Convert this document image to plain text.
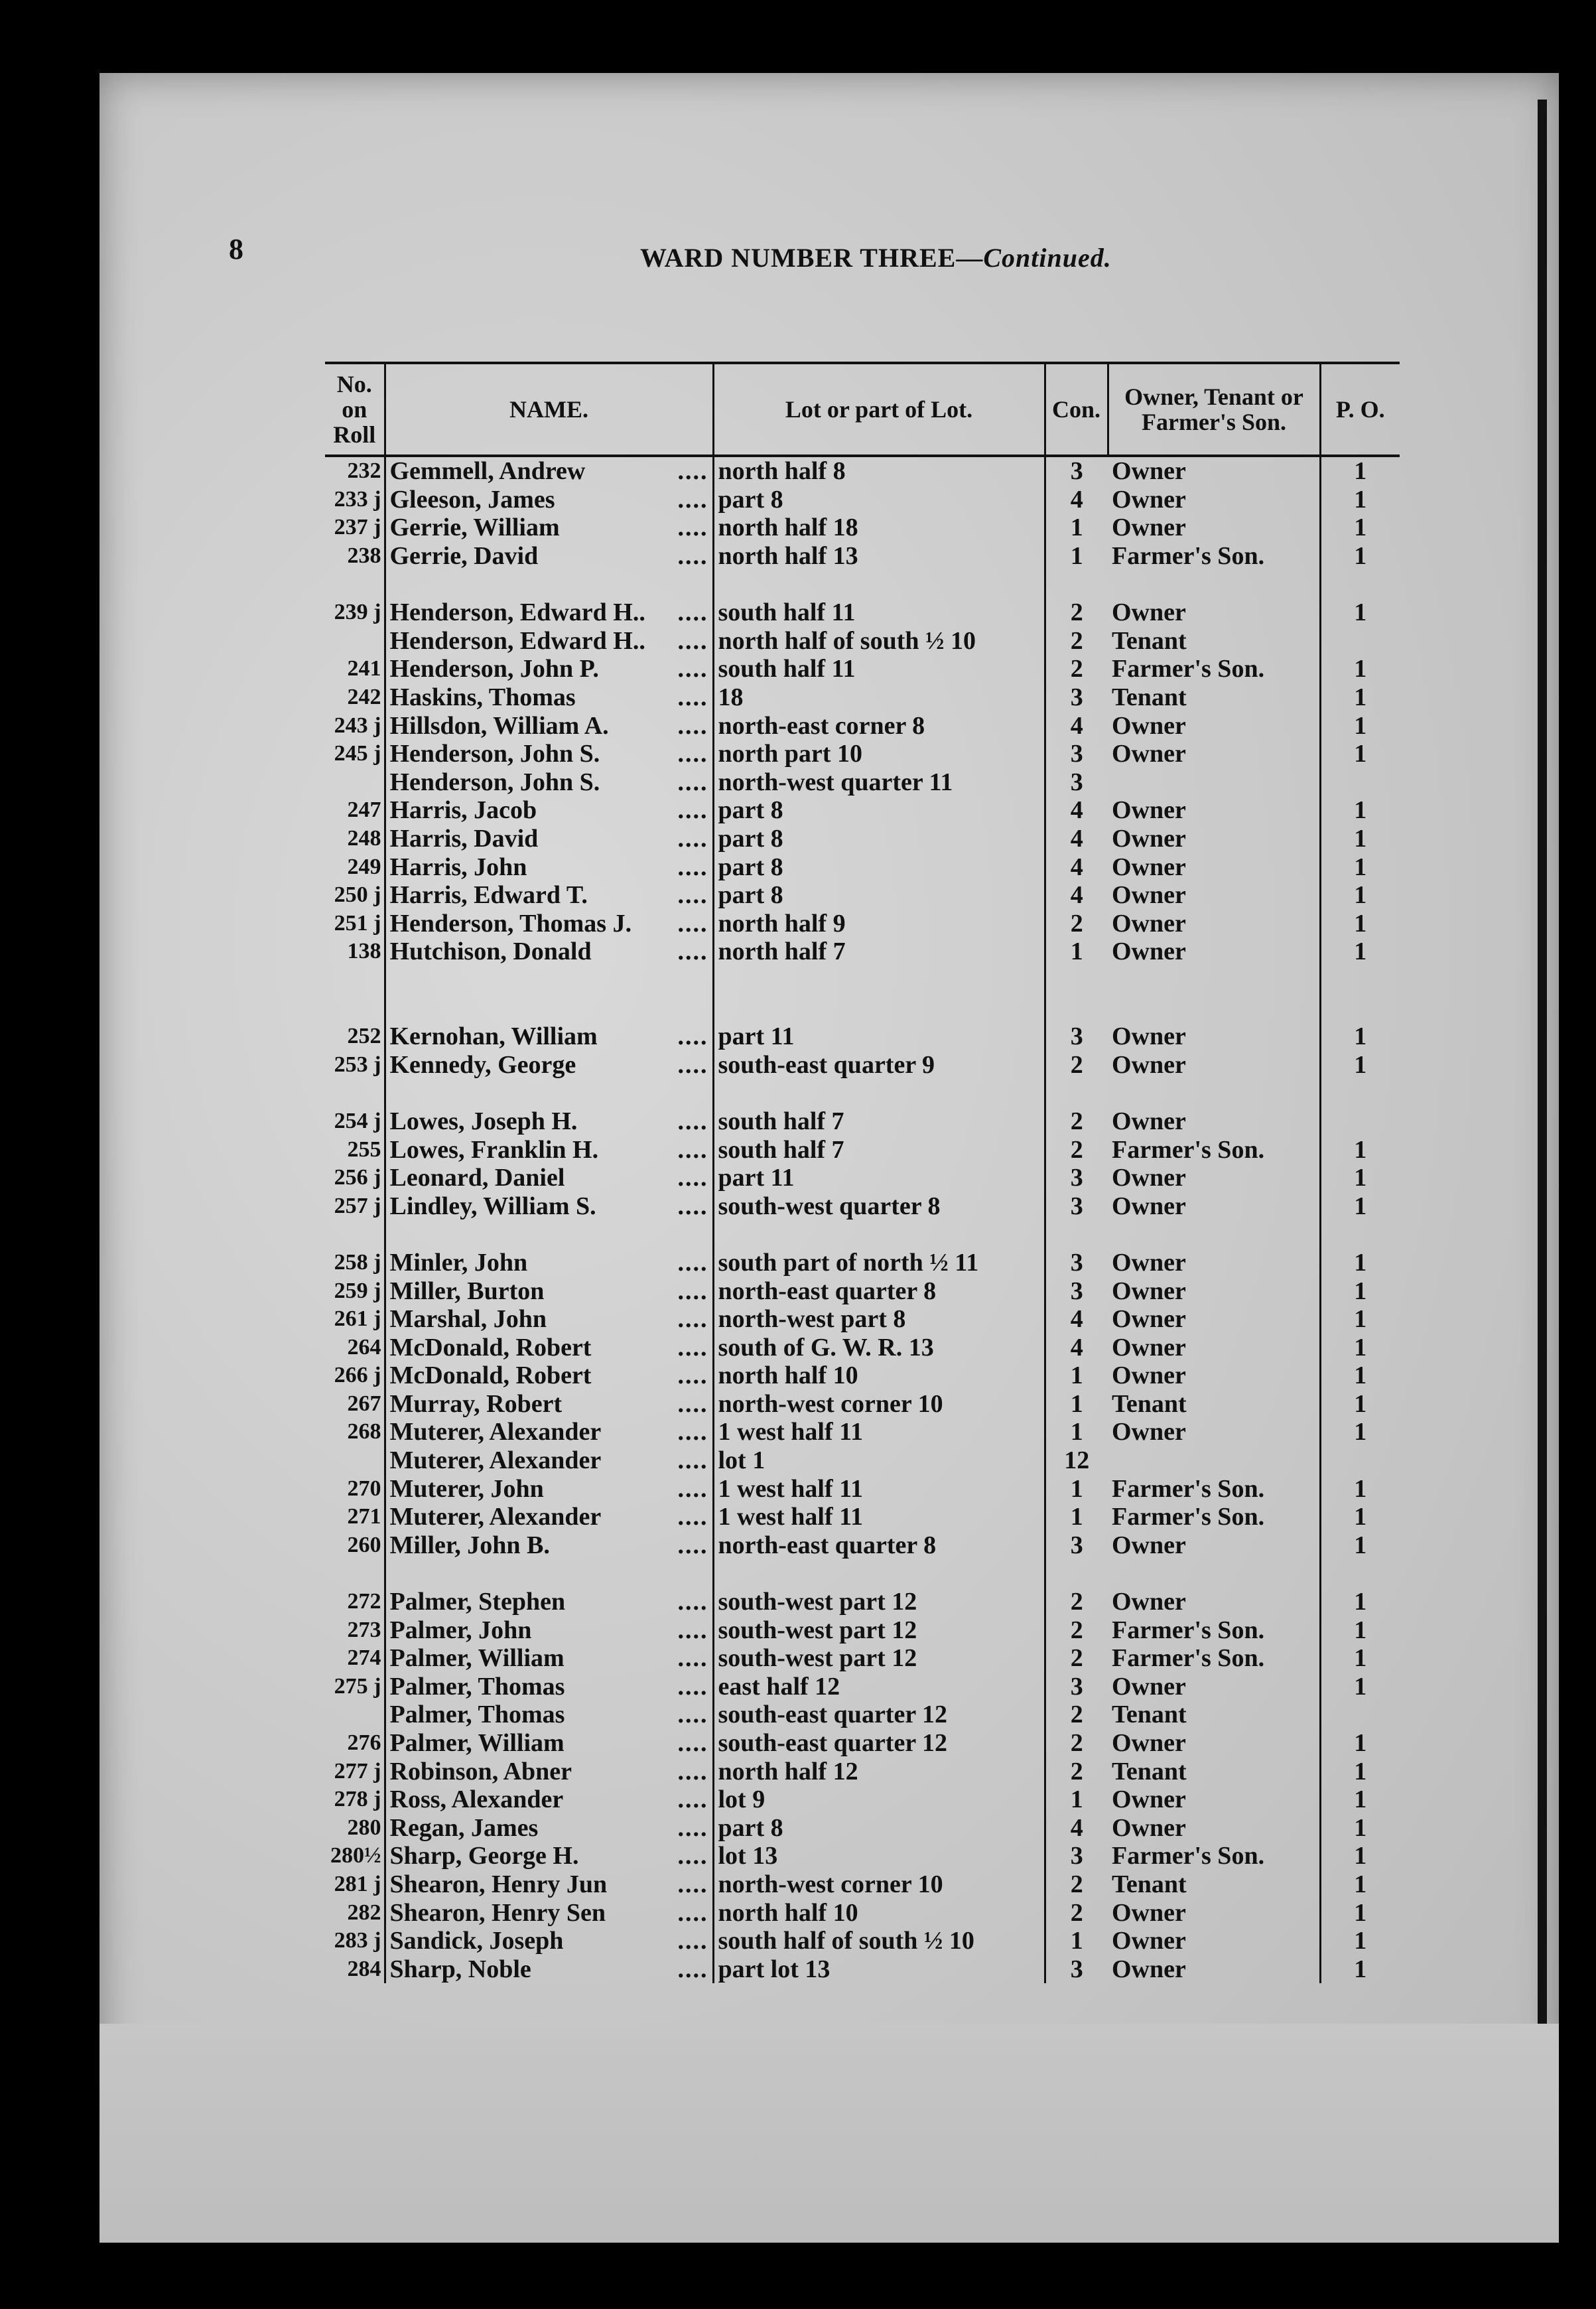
8	WARD NUMBER THREE—Continued.
No. on Roll	NAME.	Lot or part of Lot.	Con.	Owner, Tenant or Farmer's Son.	P. O.
232	Gemmell, Andrew ....	north half 8	3	Owner	1
233 j	Gleeson, James ....	part 8	4	Owner	1
237 j	Gerrie, William ....	north half 18	1	Owner	1
238	Gerrie, David ....	north half 13	1	Farmer's Son.	1

239 j	Henderson, Edward H.. ....	south half 11	2	Owner	1
	Henderson, Edward H.. ....	north half of south ½ 10	2	Tenant	
241	Henderson, John P. ....	south half 11	2	Farmer's Son.	1
242	Haskins, Thomas ....	18	3	Tenant	1
243 j	Hillsdon, William A. ....	north-east corner 8	4	Owner	1
245 j	Henderson, John S. ....	north part 10	3	Owner	1
	Henderson, John S. ....	north-west quarter 11	3		
247	Harris, Jacob ....	part 8	4	Owner	1
248	Harris, David ....	part 8	4	Owner	1
249	Harris, John ....	part 8	4	Owner	1
250 j	Harris, Edward T. ....	part 8	4	Owner	1
251 j	Henderson, Thomas J. ....	north half 9	2	Owner	1
138	Hutchison, Donald ....	north half 7	1	Owner	1

252	Kernohan, William ....	part 11	3	Owner	1
253 j	Kennedy, George ....	south-east quarter 9	2	Owner	1

254 j	Lowes, Joseph H. ....	south half 7	2	Owner	
255	Lowes, Franklin H. ....	south half 7	2	Farmer's Son.	1
256 j	Leonard, Daniel ....	part 11	3	Owner	1
257 j	Lindley, William S. ....	south-west quarter 8	3	Owner	1

258 j	Minler, John ....	south part of north ½ 11	3	Owner	1
259 j	Miller, Burton ....	north-east quarter 8	3	Owner	1
261 j	Marshal, John ....	north-west part 8	4	Owner	1
264	McDonald, Robert ....	south of G. W. R. 13	4	Owner	1
266 j	McDonald, Robert ....	north half 10	1	Owner	1
267	Murray, Robert ....	north-west corner 10	1	Tenant	1
268	Muterer, Alexander ....	1 west half 11	1	Owner	1
	Muterer, Alexander ....	lot 1	12		
270	Muterer, John ....	1 west half 11	1	Farmer's Son.	1
271	Muterer, Alexander ....	1 west half 11	1	Farmer's Son.	1
260	Miller, John B. ....	north-east quarter 8	3	Owner	1

272	Palmer, Stephen ....	south-west part 12	2	Owner	1
273	Palmer, John ....	south-west part 12	2	Farmer's Son.	1
274	Palmer, William ....	south-west part 12	2	Farmer's Son.	1
275 j	Palmer, Thomas ....	east half 12	3	Owner	1
	Palmer, Thomas ....	south-east quarter 12	2	Tenant	
276	Palmer, William ....	south-east quarter 12	2	Owner	1
277 j	Robinson, Abner ....	north half 12	2	Tenant	1
278 j	Ross, Alexander ....	lot 9	1	Owner	1
280	Regan, James ....	part 8	4	Owner	1
280½	Sharp, George H. ....	lot 13	3	Farmer's Son.	1
281 j	Shearon, Henry Jun ....	north-west corner 10	2	Tenant	1
282	Shearon, Henry Sen ....	north half 10	2	Owner	1
283 j	Sandick, Joseph ....	south half of south ½ 10	1	Owner	1
284	Sharp, Noble ....	part lot 13	3	Owner	1
